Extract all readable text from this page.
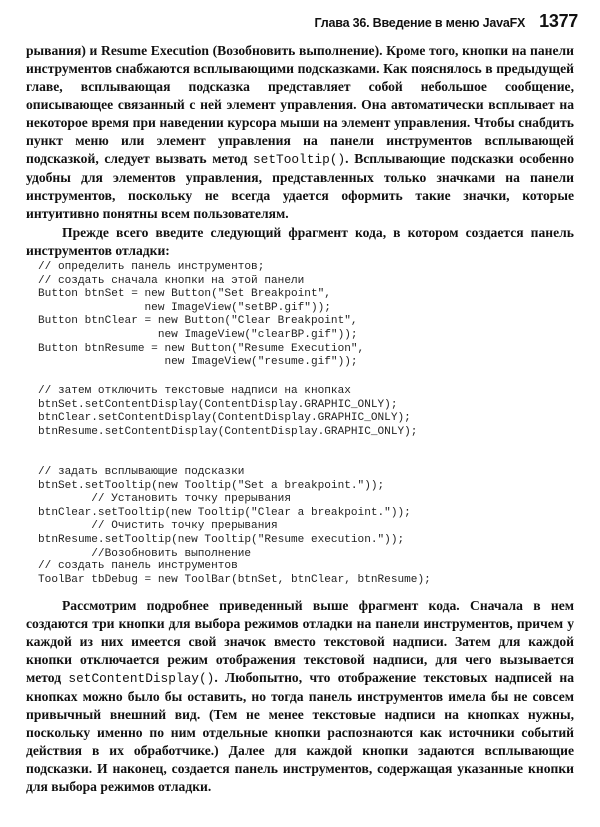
Глава 36. Введение в меню JavaFX 1377

рывания) и Resume Execution (Возобновить выполнение). Кроме того, кнопки на панели инструментов снабжаются всплывающими подсказками. Как пояснялось в предыдущей главе, всплывающая подсказка представляет собой небольшое сообщение, описывающее связанный с ней элемент управления. Она автоматически всплывает на некоторое время при наведении курсора мыши на элемент управления. Чтобы снабдить пункт меню или элемент управления на панели инструментов всплывающей подсказкой, следует вызвать метод setTooltip(). Всплывающие подсказки особенно удобны для элементов управления, представленных только значками на панели инструментов, поскольку не всегда удается оформить такие значки, которые интуитивно понятны всем пользователям.

Прежде всего введите следующий фрагмент кода, в котором создается панель инструментов отладки:

// определить панель инструментов;
// создать сначала кнопки на этой панели
Button btnSet = new Button("Set Breakpoint",
new ImageView("setBP.gif"));
Button btnClear = new Button("Clear Breakpoint",
new ImageView("clearBP.gif"));
Button btnResume = new Button("Resume Execution",
new ImageView("resume.gif"));
// затем отключить текстовые надписи на кнопках
btnSet.setContentDisplay(ContentDisplay.GRAPHIC_ONLY);
btnClear.setContentDisplay(ContentDisplay.GRAPHIC_ONLY);
btnResume.setContentDisplay(ContentDisplay.GRAPHIC_ONLY);
// задать всплывающие подсказки
btnSet.setTooltip(new Tooltip("Set a breakpoint."));
// Установить точку прерывания
btnClear.setTooltip(new Tooltip("Clear a breakpoint."));
// Очистить точку прерывания
btnResume.setTooltip(new Tooltip("Resume execution."));
//Возобновить выполнение
// создать панель инструментов
ToolBar tbDebug = new ToolBar(btnSet, btnClear, btnResume);

Рассмотрим подробнее приведенный выше фрагмент кода. Сначала в нем создаются три кнопки для выбора режимов отладки на панели инструментов, причем у каждой из них имеется свой значок вместо текстовой надписи. Затем для каждой кнопки отключается режим отображения текстовой надписи, для чего вызывается метод setContentDisplay(). Любопытно, что отображение текстовых надписей на кнопках можно было бы оставить, но тогда панель инструментов имела бы не совсем привычный внешний вид. (Тем не менее текстовые надписи на кнопках нужны, поскольку именно по ним отдельные кнопки распознаются как источники событий действия в их обработчике.) Далее для каждой кнопки задаются всплывающие подсказки. И наконец, создается панель инструментов, содержащая указанные кнопки для выбора режимов отладки.
